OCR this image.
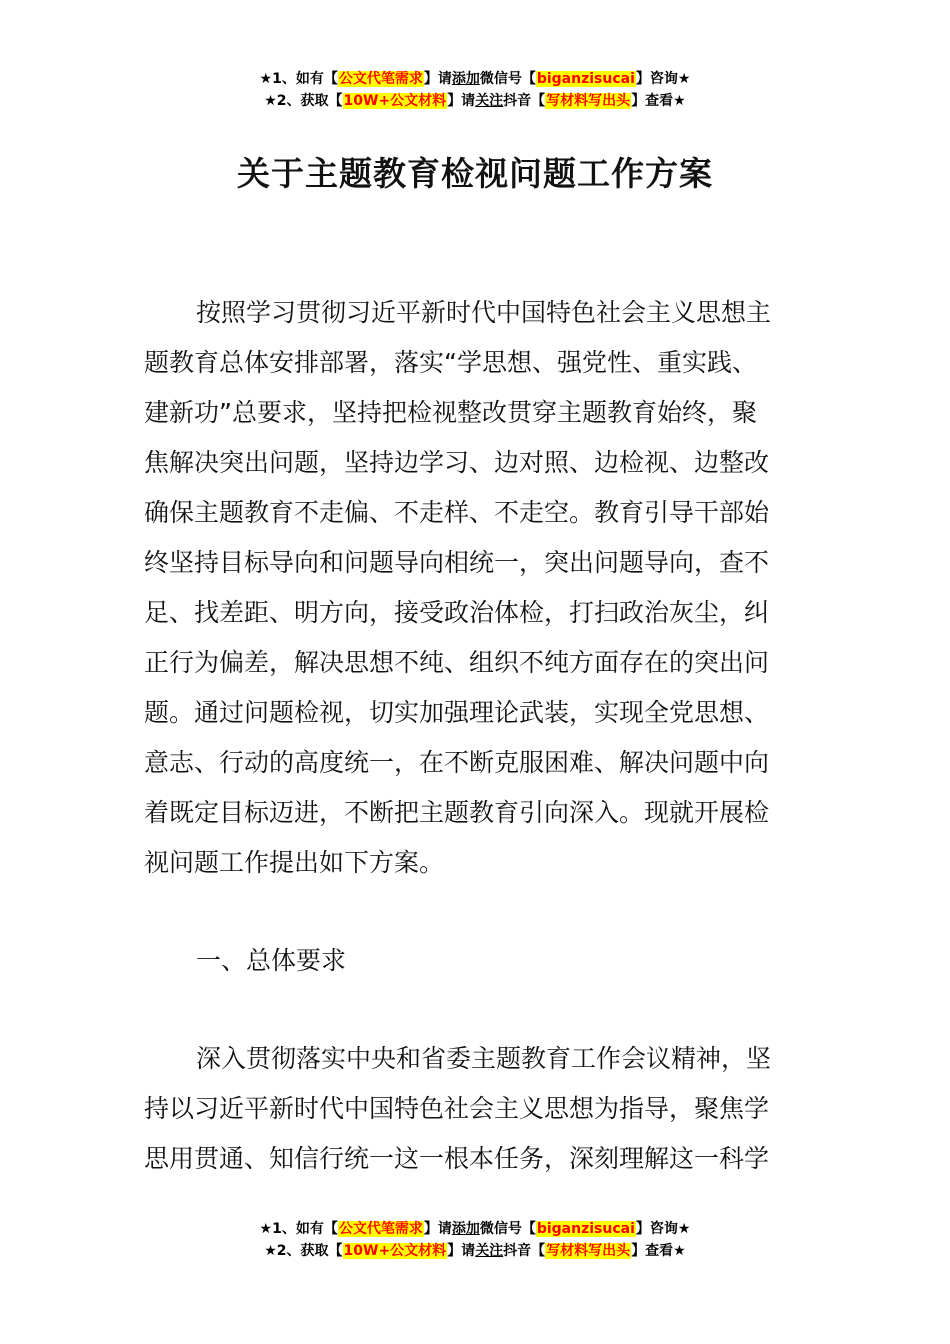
★1、如有【公文代笔需求】请添加微信号【biganzisucai】咨询★
★2、获取【10W+公文材料】请关注抖音【写材料写出头】查看★
关于主题教育检视问题工作方案
按照学习贯彻习近平新时代中国特色社会主义思想主
题教育总体安排部署，落实“学思想、强党性、重实践、
建新功”总要求，坚持把检视整改贯穿主题教育始终，聚
焦解决突出问题，坚持边学习、边对照、边检视、边整改
确保主题教育不走偏、不走样、不走空。教育引导干部始
终坚持目标导向和问题导向相统一，突出问题导向，查不
足、找差距、明方向，接受政治体检，打扫政治灰尘，纠
正行为偏差，解决思想不纯、组织不纯方面存在的突出问
题。通过问题检视，切实加强理论武装，实现全党思想、
意志、行动的高度统一，在不断克服困难、解决问题中向
着既定目标迈进，不断把主题教育引向深入。现就开展检
视问题工作提出如下方案。
一、总体要求
深入贯彻落实中央和省委主题教育工作会议精神，坚
持以习近平新时代中国特色社会主义思想为指导，聚焦学
思用贯通、知信行统一这一根本任务，深刻理解这一科学
★1、如有【公文代笔需求】请添加微信号【biganzisucai】咨询★
★2、获取【10W+公文材料】请关注抖音【写材料写出头】查看★
